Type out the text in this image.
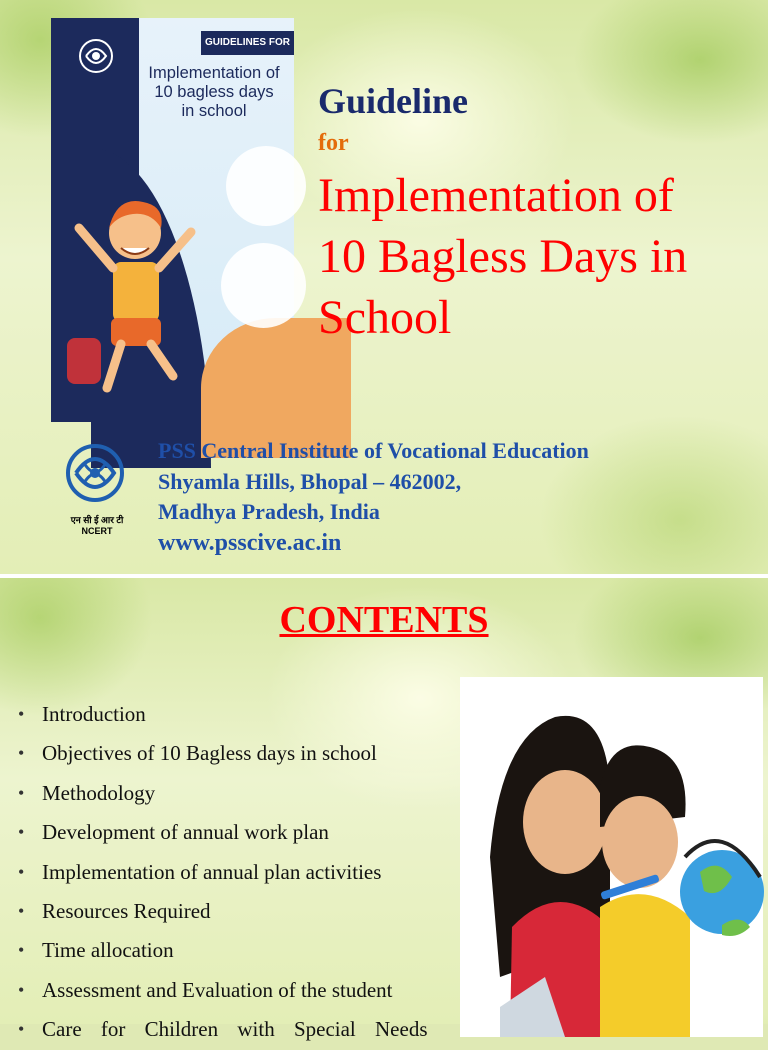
GUIDELINES FOR
Implementation of
10 bagless days
in school	Guideline
for
Implementation of
10 Bagless Days in
School
एन सी ई आर टी
NCERT
PSS Central Institute of Vocational Education
Shyamla Hills, Bhopal – 462002,
Madhya Pradesh, India
www.psscive.ac.in
CONTENTS
• Introduction
• Objectives of 10 Bagless days in school
• Methodology
• Development of annual work plan
• Implementation of annual plan activities
• Resources Required
• Time allocation
• Assessment and Evaluation of the student
• Care for Children with Special Needs
